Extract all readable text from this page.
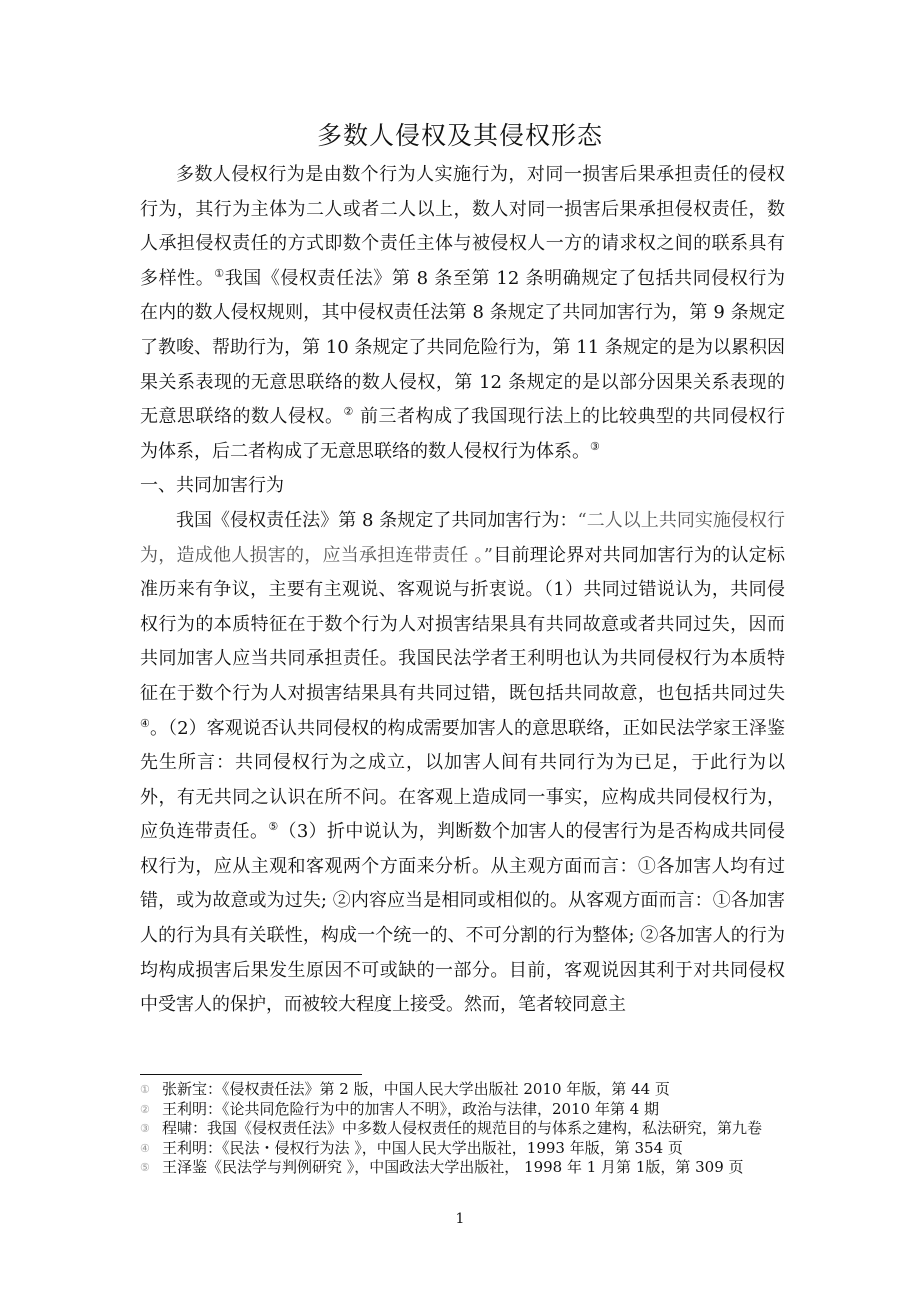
多数人侵权及其侵权形态

多数人侵权行为是由数个行为人实施行为，对同一损害后果承担责任的侵权行为，其行为主体为二人或者二人以上，数人对同一损害后果承担侵权责任，数人承担侵权责任的方式即数个责任主体与被侵权人一方的请求权之间的联系具有多样性。①我国《侵权责任法》第 8 条至第 12 条明确规定了包括共同侵权行为 在内的数人侵权规则，其中侵权责任法第 8 条规定了共同加害行为，第 9 条规定了教唆、帮助行为，第 10 条规定了共同危险行为，第 11 条规定的是为以累积因 果关系表现的无意思联络的数人侵权，第 12 条规定的是以部分因果关系表现的无意思联络的数人侵权。② 前三者构成了我国现行法上的比较典型的共同侵权行为体系，后二者构成了无意思联络的数人侵权行为体系。③

一、共同加害行为

我国《侵权责任法》第 8 条规定了共同加害行为：“二人以上共同实施侵权行为，造成他人损害的，应当承担连带责任 。”目前理论界对共同加害行为的认定标准历来有争议，主要有主观说、客观说与折衷说。（1）共同过错说认为，共同侵权行为的本质特征在于数个行为人对损害结果具有共同故意或者共同过失，因而共同加害人应当共同承担责任。我国民法学者王利明也认为共同侵权行为本质特征在于数个行为人对损害结果具有共同过错，既包括共同故意，也包括共同过失④。（2）客观说否认共同侵权的构成需要加害人的意思联络，正如民法学家王泽鉴先生所言：共同侵权行为之成立，以加害人间有共同行为为已足，于此行为以外，有无共同之认识在所不问。在客观上造成同一事实，应构成共同侵权行为，应负连带责任。⑤（3）折中说认为，判断数个加害人的侵害行为是否构成共同侵权行为，应从主观和客观两个方面来分析。从主观方面而言：①各加害人均有过错，或为故意或为过失; ②内容应当是相同或相似的。从客观方面而言：①各加害人的行为具有关联性，构成一个统一的、不可分割的行为整体; ②各加害人的行为均构成损害后果发生原因不可或缺的一部分。目前，客观说因其利于对共同侵权中受害人的保护，而被较大程度上接受。然而，笔者较同意主

① 张新宝：《侵权责任法》第 2 版，中国人民大学出版社 2010 年版，第 44 页
② 王利明：《论共同危险行为中的加害人不明》，政治与法律，2010 年第 4 期
③ 程啸：我国《侵权责任法》中多数人侵权责任的规范目的与体系之建构，私法研究，第九卷
④ 王利明：《民法・侵权行为法 》，中国人民大学出版社，1993 年版，第 354 页
⑤ 王泽鉴《民法学与判例研究 》，中国政法大学出版社， 1998 年 1 月第 1版，第 309 页
1
